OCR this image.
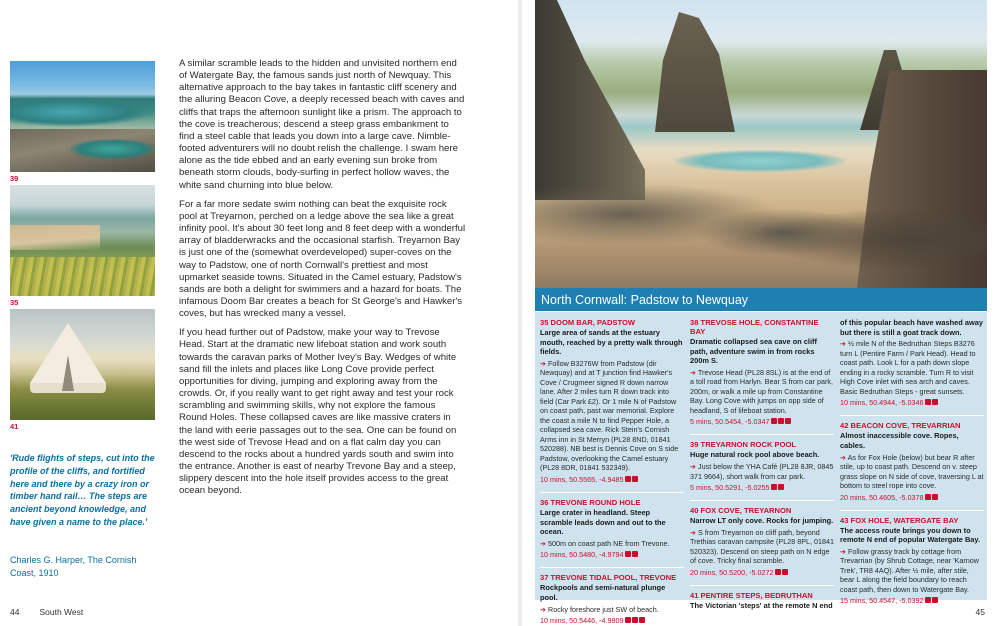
39
35
41
'Rude flights of steps, cut into the profile of the cliffs, and fortified here and there by a crazy iron or timber hand rail… The steps are ancient beyond knowledge, and have given a name to the place.'
Charles G. Harper, The Cornish Coast, 1910

A similar scramble leads to the hidden and unvisited northern end of Watergate Bay, the famous sands just north of Newquay. This alternative approach to the bay takes in fantastic cliff scenery and the alluring Beacon Cove, a deeply recessed beach with caves and cliffs that traps the afternoon sunlight like a prism. The approach to the cove is treacherous; descend a steep grass embankment to find a steel cable that leads you down into a large cave. Nimble-footed adventurers will no doubt relish the challenge. I swam here alone as the tide ebbed and an early evening sun broke from beneath storm clouds, body-surfing in perfect hollow waves, the white sand churning into blue below.

For a far more sedate swim nothing can beat the exquisite rock pool at Treyarnon, perched on a ledge above the sea like a great infinity pool. It's about 30 feet long and 8 feet deep with a wonderful array of bladderwracks and the occasional starfish. Treyarnon Bay is just one of the (somewhat overdeveloped) super-coves on the way to Padstow, one of north Cornwall's prettiest and most upmarket seaside towns. Situated in the Camel estuary, Padstow's sands are both a delight for swimmers and a hazard for boats. The infamous Doom Bar creates a beach for St George's and Hawker's coves, but has wrecked many a vessel.

If you head further out of Padstow, make your way to Trevose Head. Start at the dramatic new lifeboat station and work south towards the caravan parks of Mother Ivey's Bay. Wedges of white sand fill the inlets and places like Long Cove provide perfect opportunities for diving, jumping and exploring away from the crowds. Or, if you really want to get right away and test your rock scrambling and swimming skills, why not explore the famous Round Holes. These collapsed caves are like massive craters in the land with eerie passages out to the sea. One can be found on the west side of Trevose Head and on a flat calm day you can descend to the rocks about a hundred yards south and swim into the entrance. Another is east of nearby Trevone Bay and a steep, slippery descent into the hole itself provides access to the great ocean beyond.

44 South West
North Cornwall: Padstow to Newquay
35 DOOM BAR, PADSTOW
Large area of sands at the estuary mouth, reached by a pretty walk through fields.
➔ Follow B3276W from Padstow (dir Newquay) and at T junction find Hawker's Cove / Crugmeer signed R down narrow lane. After 2 miles turn R down track into field (Car Park £2). Or 1 mile N of Padstow on coast path, past war memorial. Explore the coast a mile N to find Pepper Hole, a collapsed sea cave. Rick Stein's Cornish Arms inn in St Merryn (PL28 8ND, 01841 520288). NB best is Dennis Cove on S side Padstow, overlooking the Camel estuary (PL28 8DR, 01841 532349).
10 mins, 50.5565, -4.9485
36 TREVONE ROUND HOLE
Large crater in headland. Steep scramble leads down and out to the ocean.
➔ 500m on coast path NE from Trevone.
10 mins, 50.5480, -4.9794
37 TREVONE TIDAL POOL, TREVONE
Rockpools and semi-natural plunge pool.
➔ Rocky foreshore just SW of beach.
10 mins, 50.5446, -4.9809
38 TREVOSE HOLE, CONSTANTINE BAY
Dramatic collapsed sea cave on cliff path, adventure swim in from rocks 200m S.
➔ Trevose Head (PL28 8SL) is at the end of a toll road from Harlyn. Bear S from car park, 200m, or walk a mile up from Constantine Bay. Long Cove with jumps on opp side of headland, S of lifeboat station.
5 mins, 50.5454, -5.0347
39 TREYARNON ROCK POOL
Huge natural rock pool above beach.
➔ Just below the YHA Café (PL28 8JR, 0845 371 9664), short walk from car park.
5 mins, 50.5291, -5.0255
40 FOX COVE, TREYARNON
Narrow LT only cove. Rocks for jumping.
➔ S from Treyarnon on cliff path, beyond Trethias caravan campsite (PL28 8PL, 01841 520323). Descend on steep path on N edge of cove. Tricky final scramble.
20 mins, 50.5200, -5.0272
41 PENTIRE STEPS, BEDRUTHAN
The Victorian 'steps' at the remote N end
of this popular beach have washed away but there is still a goat track down.
➔ ½ mile N of the Bedruthan Steps B3276 turn L (Pentire Farm / Park Head). Head to coast path. Look L for a path down slope ending in a rocky scramble. Turn R to visit High Cove inlet with sea arch and caves. Basic Bedruthan Steps - great sunsets.
10 mins, 50.4944, -5.0346
42 BEACON COVE, TREVARRIAN
Almost inaccessible cove. Ropes, cables.
➔ As for Fox Hole (below) but bear R after stile, up to coast path. Descend on v. steep grass slope on N side of cove, traversing L at bottom to steel rope into cove.
20 mins, 50.4605, -5.0378
43 FOX HOLE, WATERGATE BAY
The access route brings you down to remote N end of popular Watergate Bay.
➔ Follow grassy track by cottage from Trevarrian (by Shrub Cottage, near 'Karnow Trek', TR8 4AQ). After ½ mile, after stile, bear L along the field boundary to reach coast path, then down to Watergate Bay.
15 mins, 50.4547, -5.0392
45
